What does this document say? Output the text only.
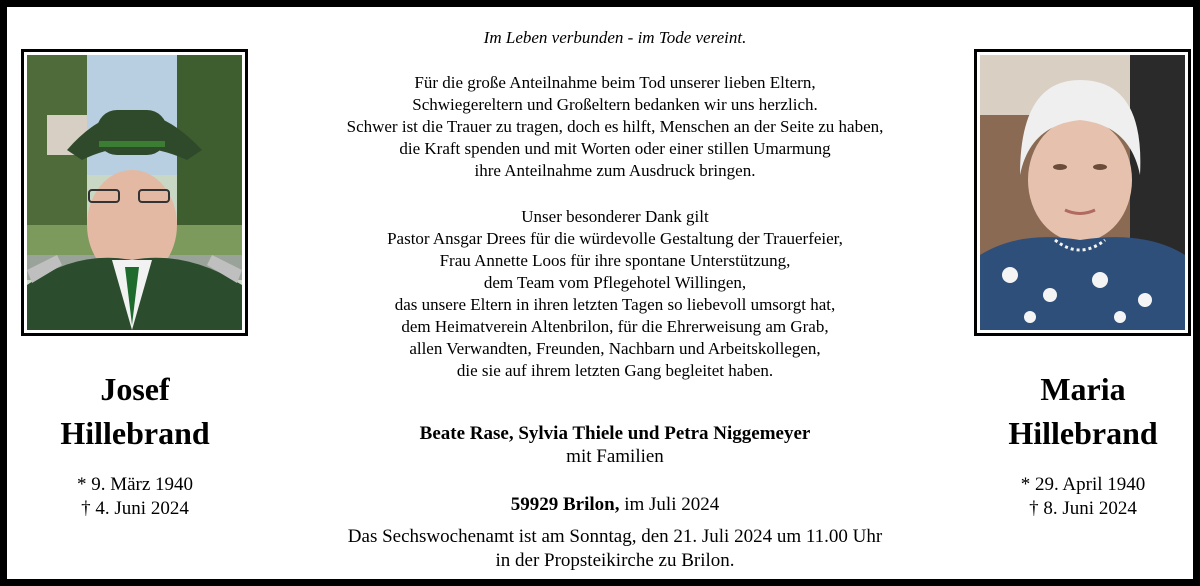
Josef
Hillebrand
* 9. März 1940
† 4. Juni 2024
Maria
Hillebrand
* 29. April 1940
† 8. Juni 2024
Im Leben verbunden - im Tode vereint.
Für die große Anteilnahme beim Tod unserer lieben Eltern,
Schwiegereltern und Großeltern bedanken wir uns herzlich.
Schwer ist die Trauer zu tragen, doch es hilft, Menschen an der Seite zu haben,
die Kraft spenden und mit Worten oder einer stillen Umarmung
ihre Anteilnahme zum Ausdruck bringen.
Unser besonderer Dank gilt
Pastor Ansgar Drees für die würdevolle Gestaltung der Trauerfeier,
Frau Annette Loos für ihre spontane Unterstützung,
dem Team vom Pflegehotel Willingen,
das unsere Eltern in ihren letzten Tagen so liebevoll umsorgt hat,
dem Heimatverein Altenbrilon, für die Ehrerweisung am Grab,
allen Verwandten, Freunden, Nachbarn und Arbeitskollegen,
die sie auf ihrem letzten Gang begleitet haben.
Beate Rase, Sylvia Thiele und Petra Niggemeyer
mit Familien
59929 Brilon, im Juli 2024
Das Sechswochenamt ist am Sonntag, den 21. Juli 2024 um 11.00 Uhr
in der Propsteikirche zu Brilon.
